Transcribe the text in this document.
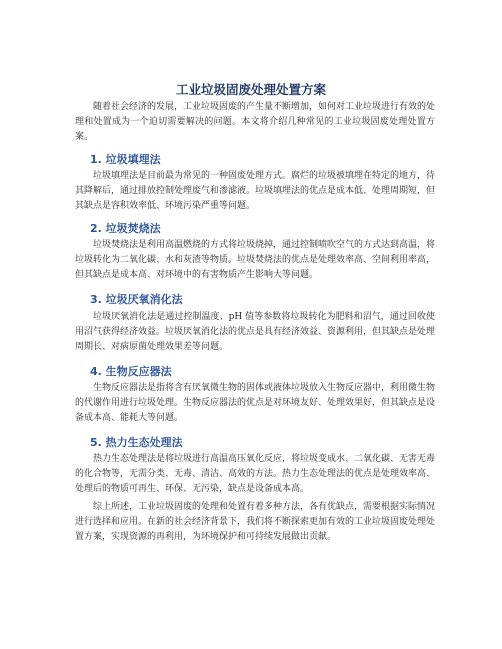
工业垃圾固废处理处置方案

随着社会经济的发展，工业垃圾固废的产生量不断增加，如何对工业垃圾进行有效的处理和处置成为一个迫切需要解决的问题。本文将介绍几种常见的工业垃圾固废处理处置方案。

1. 垃圾填埋法

垃圾填埋法是目前最为常见的一种固废处理方式。腐烂的垃圾被填埋在特定的地方，待其降解后，通过排放控制处理废气和渗滤液。垃圾填埋法的优点是成本低、处理周期短，但其缺点是容积效率低、环境污染严重等问题。

2. 垃圾焚烧法

垃圾焚烧法是利用高温燃烧的方式将垃圾烧掉，通过控制喷吹空气的方式达到高温，将垃圾转化为二氧化碳、水和灰渣等物质。垃圾焚烧法的优点是处理效率高、空间利用率高，但其缺点是成本高、对环境中的有害物质产生影响大等问题。

3. 垃圾厌氧消化法

垃圾厌氧消化法是通过控制温度、pH 值等参数将垃圾转化为肥料和沼气，通过回收使用沼气获得经济效益。垃圾厌氧消化法的优点是具有经济效益、资源利用，但其缺点是处理周期长、对病原菌处理效果差等问题。

4. 生物反应器法

生物反应器法是指将含有厌氧微生物的固体或液体垃圾放入生物反应器中，利用微生物的代谢作用进行垃圾处理。生物反应器法的优点是对环境友好、处理效果好，但其缺点是设备成本高、能耗大等问题。

5. 热力生态处理法

热力生态处理法是将垃圾进行高温高压氧化反应，将垃圾变成水、二氧化碳、无害无毒的化合物等，无需分类、无毒、清洁、高效的方法。热力生态处理法的优点是处理效率高、处理后的物质可再生、环保、无污染，缺点是设备成本高。

综上所述，工业垃圾固废的处理和处置有着多种方法，各有优缺点，需要根据实际情况进行选择和应用。在新的社会经济背景下，我们将不断探索更加有效的工业垃圾固废处理处置方案，实现资源的再利用，为环境保护和可持续发展做出贡献。
